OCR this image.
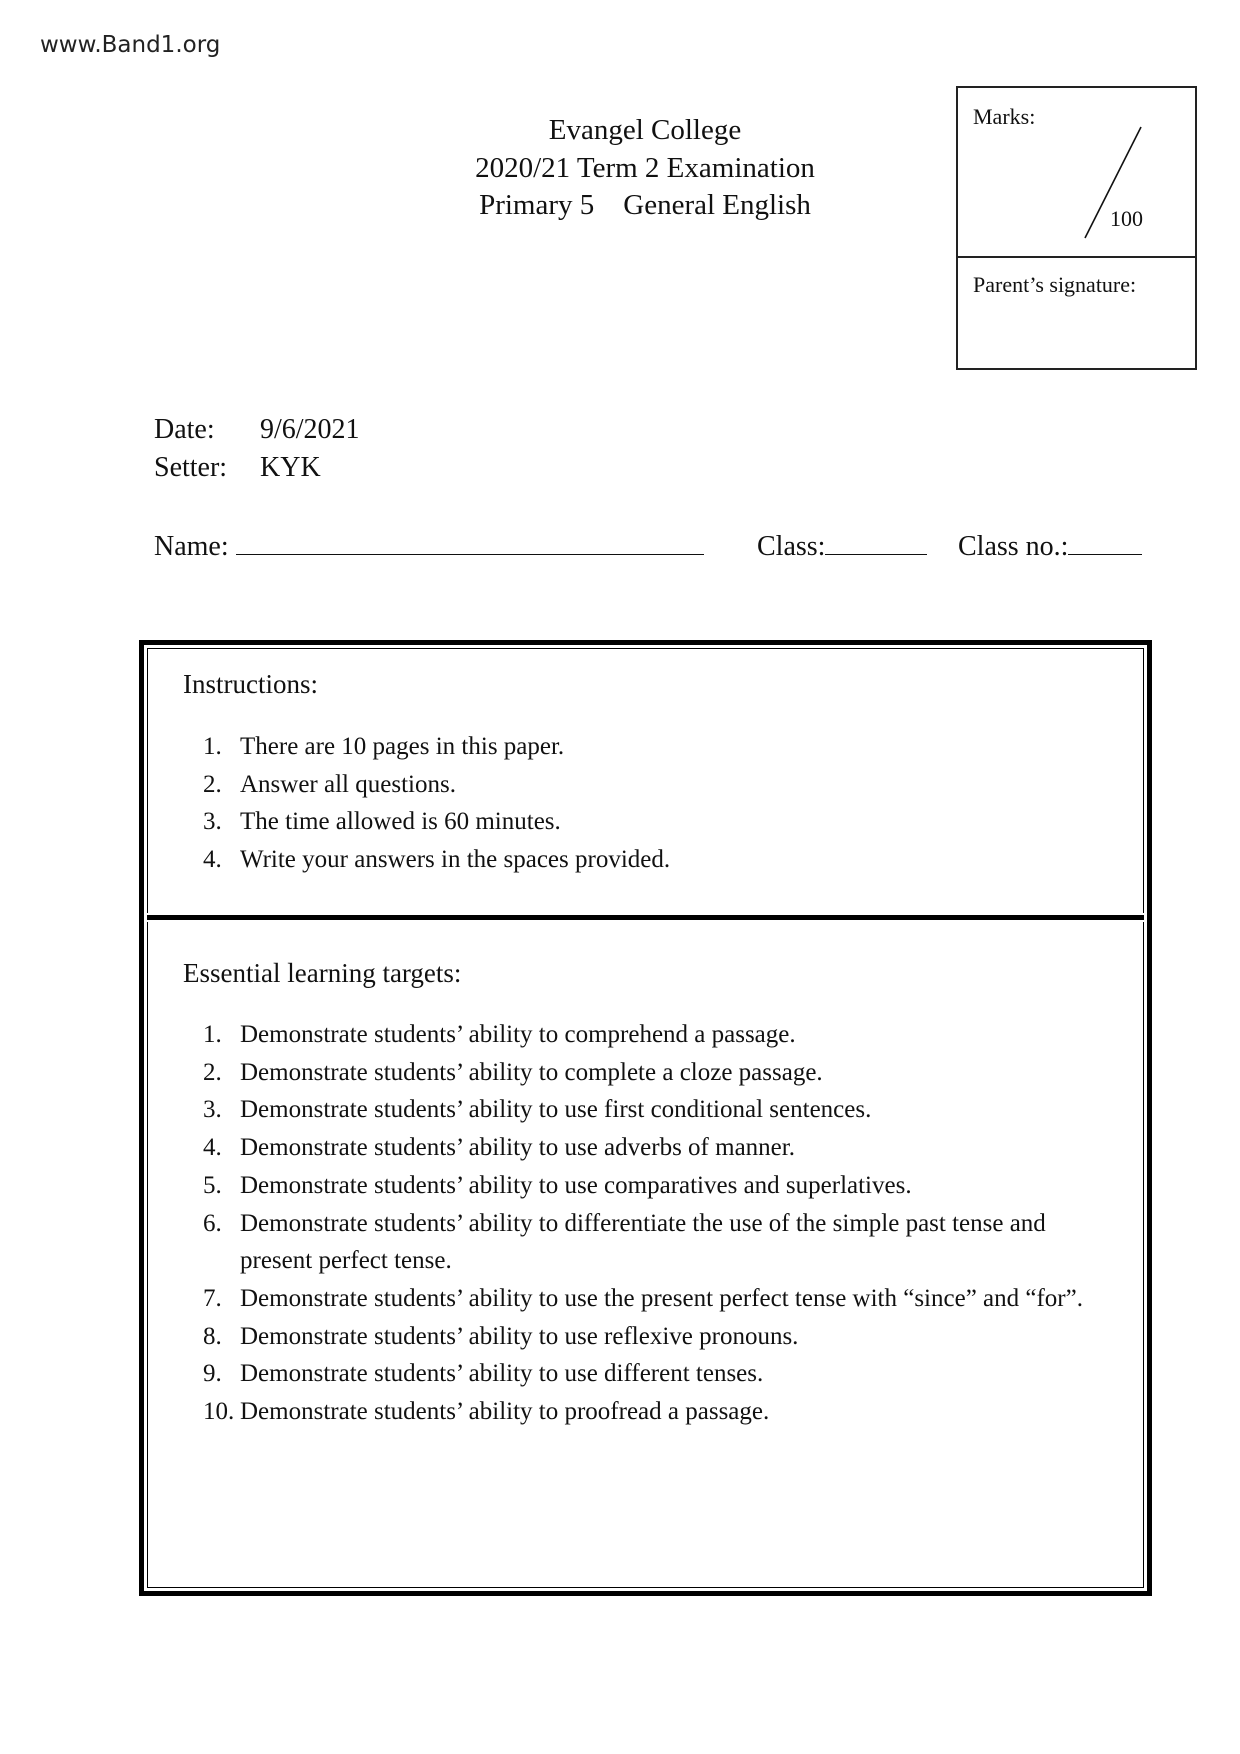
www.Band1.org
Evangel College
2020/21 Term 2 Examination
Primary 5 General English
Marks:
100
Parent’s signature:
Date: 9/6/2021
Setter: KYK
Name:	Class:	Class no.:
Instructions:
1. There are 10 pages in this paper.
2. Answer all questions.
3. The time allowed is 60 minutes.
4. Write your answers in the spaces provided.
Essential learning targets:
1. Demonstrate students’ ability to comprehend a passage.
2. Demonstrate students’ ability to complete a cloze passage.
3. Demonstrate students’ ability to use first conditional sentences.
4. Demonstrate students’ ability to use adverbs of manner.
5. Demonstrate students’ ability to use comparatives and superlatives.
6. Demonstrate students’ ability to differentiate the use of the simple past tense and present perfect tense.
7. Demonstrate students’ ability to use the present perfect tense with “since” and “for”.
8. Demonstrate students’ ability to use reflexive pronouns.
9. Demonstrate students’ ability to use different tenses.
10. Demonstrate students’ ability to proofread a passage.
